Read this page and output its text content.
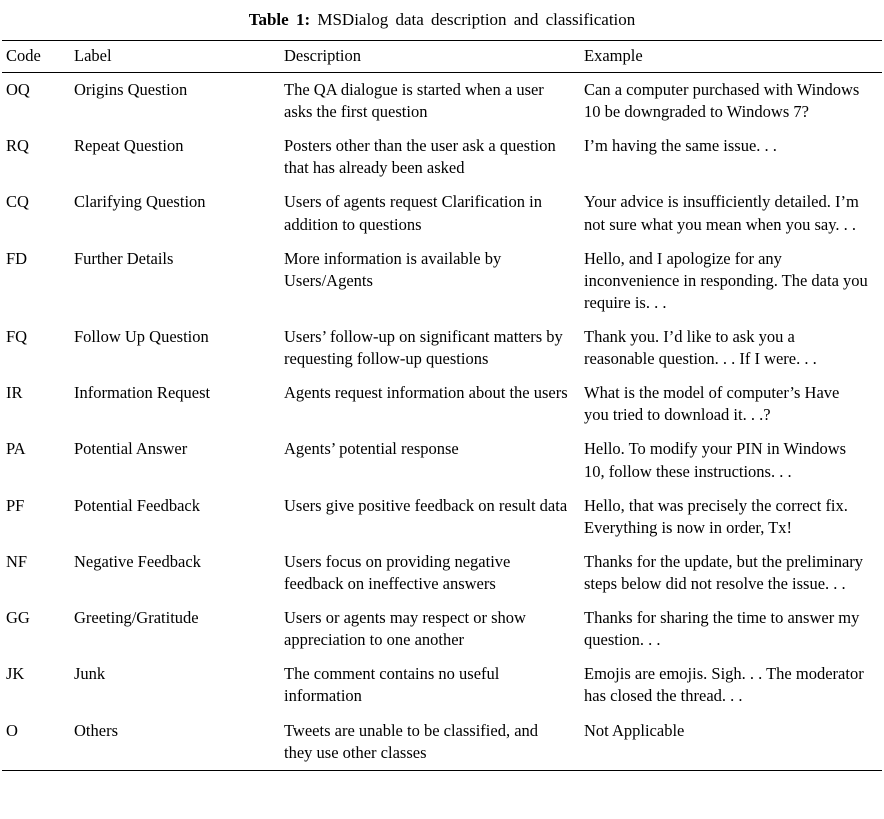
Table 1: MSDialog data description and classification
Code	Label	Description	Example
OQ	Origins Question	The QA dialogue is started when a user asks the first question	Can a computer purchased with Windows 10 be downgraded to Windows 7?
RQ	Repeat Question	Posters other than the user ask a question that has already been asked	I’m having the same issue. . .
CQ	Clarifying Question	Users of agents request Clarification in addition to questions	Your advice is insufficiently detailed. I’m not sure what you mean when you say. . .
FD	Further Details	More information is available by Users/Agents	Hello, and I apologize for any inconvenience in responding. The data you require is. . .
FQ	Follow Up Question	Users’ follow-up on significant matters by requesting follow-up questions	Thank you. I’d like to ask you a reasonable question. . . If I were. . .
IR	Information Request	Agents request information about the users	What is the model of computer’s Have you tried to download it. . .?
PA	Potential Answer	Agents’ potential response	Hello. To modify your PIN in Windows 10, follow these instructions. . .
PF	Potential Feedback	Users give positive feedback on result data	Hello, that was precisely the correct fix. Everything is now in order, Tx!
NF	Negative Feedback	Users focus on providing negative feedback on ineffective answers	Thanks for the update, but the preliminary steps below did not resolve the issue. . .
GG	Greeting/Gratitude	Users or agents may respect or show appreciation to one another	Thanks for sharing the time to answer my question. . .
JK	Junk	The comment contains no useful information	Emojis are emojis. Sigh. . . The moderator has closed the thread. . .
O	Others	Tweets are unable to be classified, and they use other classes	Not Applicable
